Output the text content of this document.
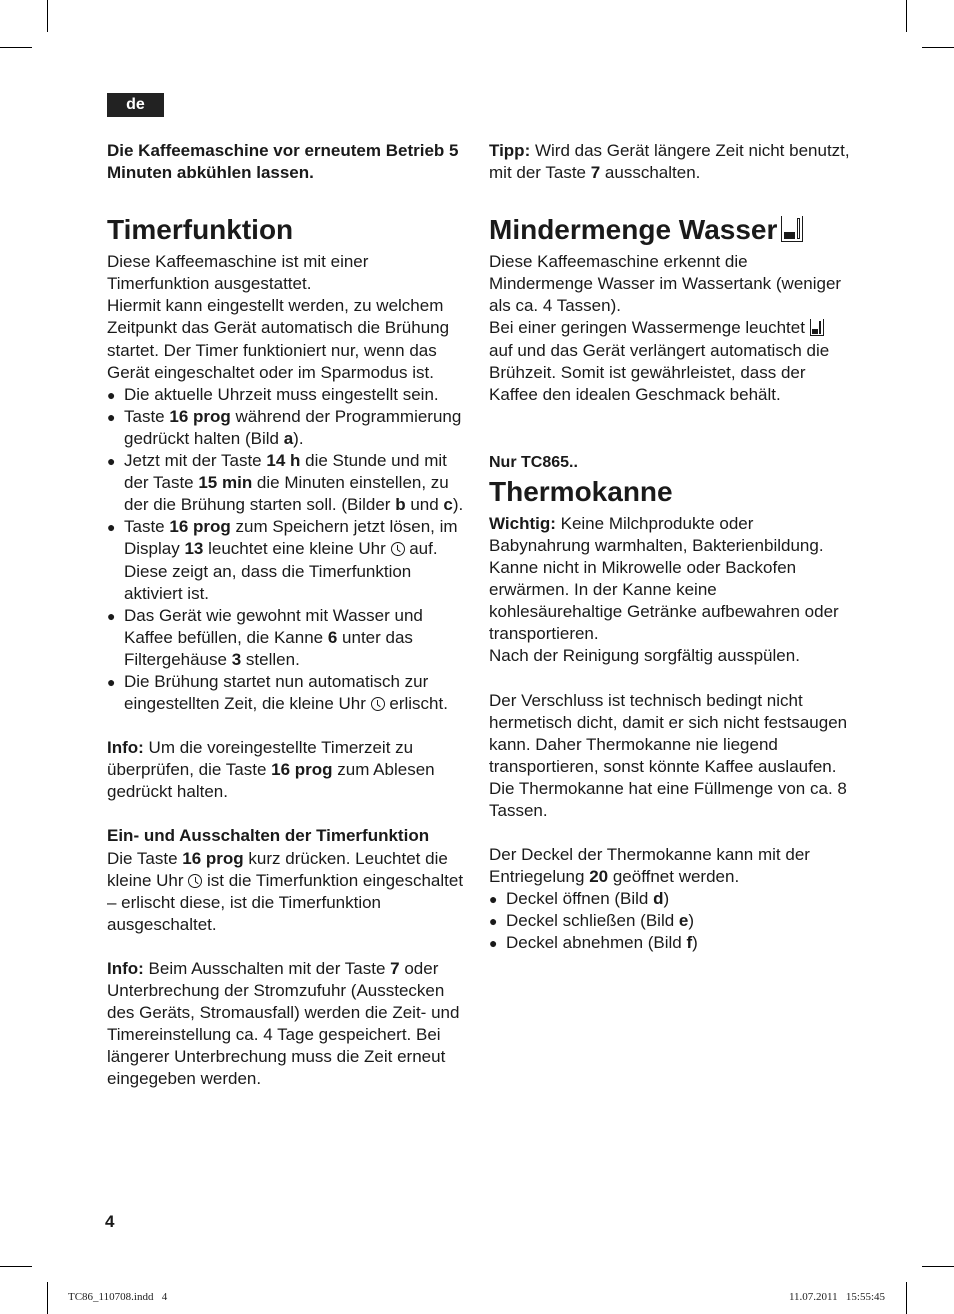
de

Die Kaffeemaschine vor erneutem Betrieb 5 Minuten abkühlen lassen.

Timerfunktion

Diese Kaffeemaschine ist mit einer Timerfunktion ausgestattet.

Hiermit kann eingestellt werden, zu welchem Zeitpunkt das Gerät automatisch die Brühung startet. Der Timer funktioniert nur, wenn das Gerät eingeschaltet oder im Sparmodus ist.

● Die aktuelle Uhrzeit muss eingestellt sein.
● Taste 16 prog während der Programmierung gedrückt halten (Bild a).
● Jetzt mit der Taste 14 h die Stunde und mit der Taste 15 min die Minuten einstellen, zu der die Brühung starten soll. (Bilder b und c).
● Taste 16 prog zum Speichern jetzt lösen, im Display 13 leuchtet eine kleine Uhr  auf. Diese zeigt an, dass die Timerfunktion aktiviert ist.
● Das Gerät wie gewohnt mit Wasser und Kaffee befüllen, die Kanne 6 unter das Filtergehäuse 3 stellen.
● Die Brühung startet nun automatisch zur eingestellten Zeit, die kleine Uhr  erlischt.

Info: Um die voreingestellte Timerzeit zu überprüfen, die Taste 16 prog zum Ablesen gedrückt halten.

Ein- und Ausschalten der Timerfunktion

Die Taste 16 prog kurz drücken. Leuchtet die kleine Uhr  ist die Timerfunktion eingeschaltet – erlischt diese, ist die Timerfunktion ausgeschaltet.

Info: Beim Ausschalten mit der Taste 7 oder Unterbrechung der Stromzufuhr (Ausstecken des Geräts, Stromausfall) werden die Zeit- und Timereinstellung ca. 4 Tage gespeichert. Bei längerer Unterbrechung muss die Zeit erneut eingegeben werden.

Tipp: Wird das Gerät längere Zeit nicht benutzt, mit der Taste 7 ausschalten.

Mindermenge Wasser

Diese Kaffeemaschine erkennt die Mindermenge Wasser im Wassertank (weniger als ca. 4 Tassen).

Bei einer geringen Wassermenge leuchtet
auf und das Gerät verlängert automatisch die Brühzeit. Somit ist gewährleistet, dass der Kaffee den idealen Geschmack behält.

Nur TC865..
Thermokanne

Wichtig: Keine Milchprodukte oder Babynahrung warmhalten, Bakterienbildung. Kanne nicht in Mikrowelle oder Backofen erwärmen. In der Kanne keine kohlesäurehaltige Getränke aufbewahren oder transportieren.

Nach der Reinigung sorgfältig ausspülen.

Der Verschluss ist technisch bedingt nicht hermetisch dicht, damit er sich nicht festsaugen kann. Daher Thermokanne nie liegend transportieren, sonst könnte Kaffee auslaufen.

Die Thermokanne hat eine Füllmenge von ca. 8 Tassen.

Der Deckel der Thermokanne kann mit der Entriegelung 20 geöffnet werden.

● Deckel öffnen (Bild d)
● Deckel schließen (Bild e)
● Deckel abnehmen (Bild f)
4
TC86_110708.indd   4	11.07.2011   15:55:45
